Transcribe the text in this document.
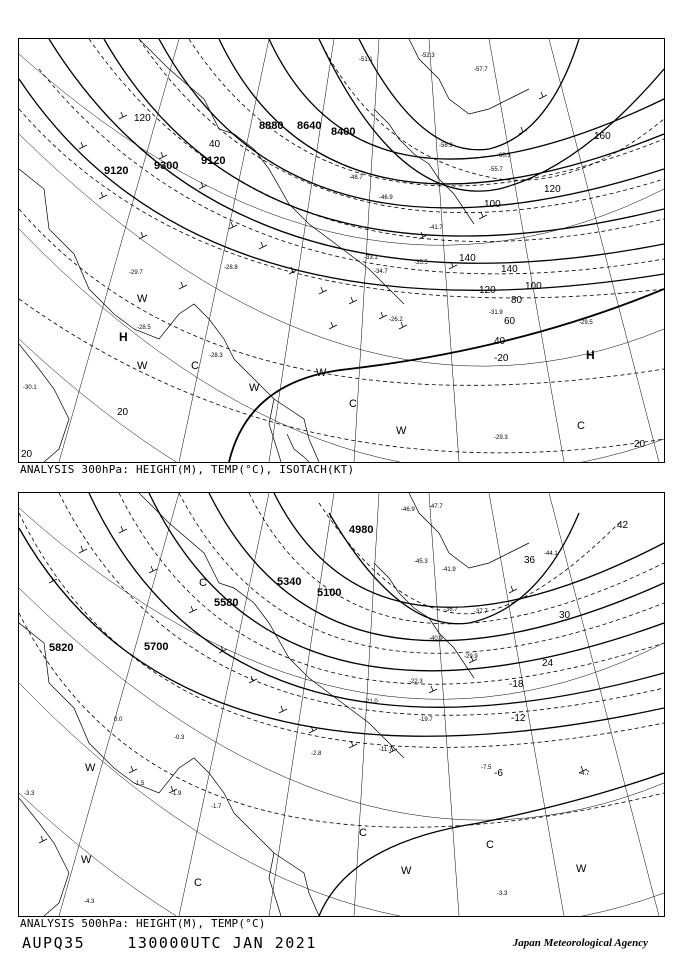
9120 9300 9120
8880 8640 8400
120
160
120
100
140
140
120	100
80
60
40
-20
20
20
20
40
H
H
W
W
W
W
W
C
C
C
-52.3
-57.7
-51.1
-48.7
-46.9
-41.7
-35.5
-29.7
-28.5
-31.9
-29.5
-28.3
-30.1
-29.3
-33.1
-34.7
-26.2
-28.8
-55.7
-58.9
-60.5
ANALYSIS 300hPa: HEIGHT(M), TEMP(°C), ISOTACH(KT)
5820	5700
5580
5340
5100
4980	42
36
30
24
-18
-12
-6
C
C
C
C
W
W	W
W
-46.9 -47.7
-45.3
-41.9
-36.7
-29.9
-22.3
-21.0
-19.7
-11.7
-7.5
-4.7
-3.3
-1.5
-1.9
-1.7
-0.3
0.0
-2.8
-37.7
-40.9
-44.1
-3.3
-4.3
ANALYSIS 500hPa: HEIGHT(M), TEMP(°C)
AUPQ35	130000UTC JAN 2021	Japan Meteorological Agency
